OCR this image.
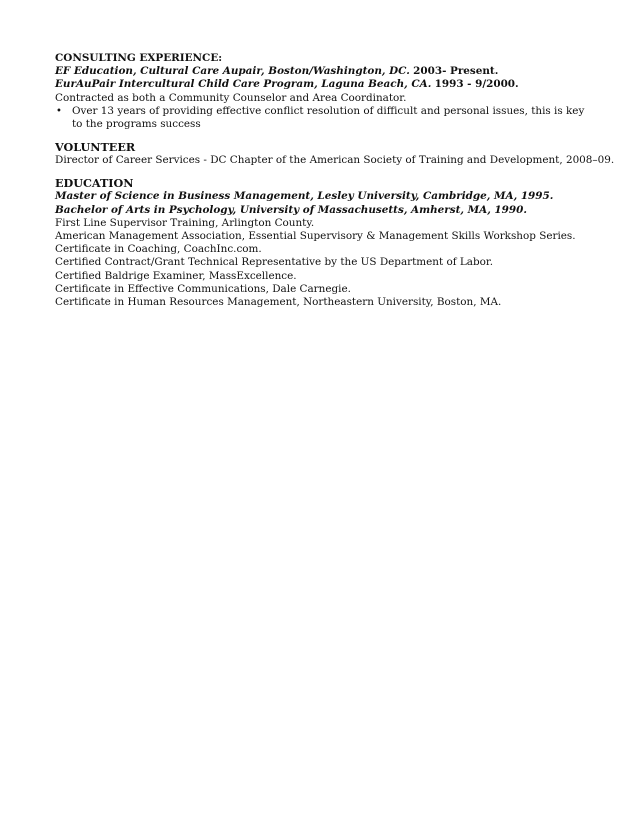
CONSULTING EXPERIENCE:

EF Education, Cultural Care Aupair, Boston/Washington, DC. 2003- Present.

EurAuPair Intercultural Child Care Program, Laguna Beach, CA. 1993 - 9/2000.

Contracted as both a Community Counselor and Area Coordinator.

• Over 13 years of providing effective conflict resolution of difficult and personal issues, this is key to the programs success

VOLUNTEER

Director of Career Services - DC Chapter of the American Society of Training and Development, 2008–09.

EDUCATION

Master of Science in Business Management, Lesley University, Cambridge, MA, 1995.

Bachelor of Arts in Psychology, University of Massachusetts, Amherst, MA, 1990.

First Line Supervisor Training, Arlington County.

American Management Association, Essential Supervisory & Management Skills Workshop Series.

Certificate in Coaching, CoachInc.com.

Certified Contract/Grant Technical Representative by the US Department of Labor.

Certified Baldrige Examiner, MassExcellence.

Certificate in Effective Communications, Dale Carnegie.

Certificate in Human Resources Management, Northeastern University, Boston, MA.
